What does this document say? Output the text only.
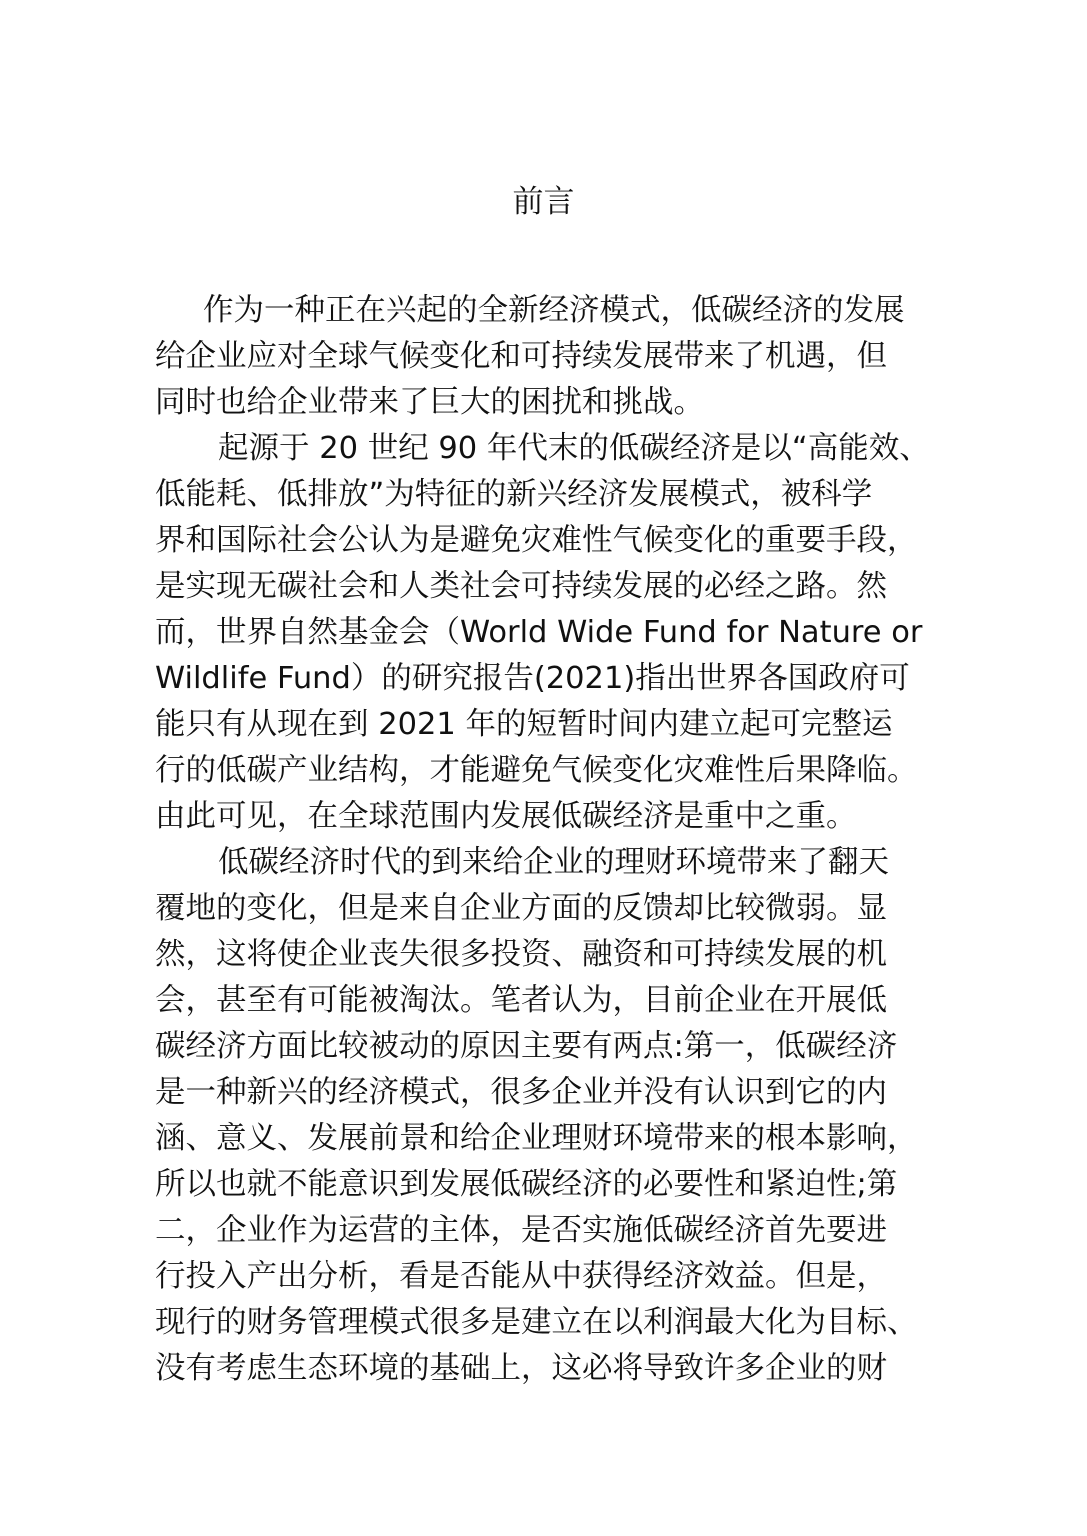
前言

作为一种正在兴起的全新经济模式，低碳经济的发展

给企业应对全球气候变化和可持续发展带来了机遇，但

同时也给企业带来了巨大的困扰和挑战。

起源于 20 世纪 90 年代末的低碳经济是以“高能效、

低能耗、低排放”为特征的新兴经济发展模式，被科学

界和国际社会公认为是避免灾难性气候变化的重要手段，

是实现无碳社会和人类社会可持续发展的必经之路。然

而，世界自然基金会（World Wide Fund for Nature or

Wildlife Fund）的研究报告(2021)指出世界各国政府可

能只有从现在到 2021 年的短暂时间内建立起可完整运

行的低碳产业结构，才能避免气候变化灾难性后果降临。

由此可见，在全球范围内发展低碳经济是重中之重。

低碳经济时代的到来给企业的理财环境带来了翻天

覆地的变化，但是来自企业方面的反馈却比较微弱。显

然，这将使企业丧失很多投资、融资和可持续发展的机

会，甚至有可能被淘汰。笔者认为，目前企业在开展低

碳经济方面比较被动的原因主要有两点:第一，低碳经济

是一种新兴的经济模式，很多企业并没有认识到它的内

涵、意义、发展前景和给企业理财环境带来的根本影响，

所以也就不能意识到发展低碳经济的必要性和紧迫性;第

二，企业作为运营的主体，是否实施低碳经济首先要进

行投入产出分析，看是否能从中获得经济效益。但是，

现行的财务管理模式很多是建立在以利润最大化为目标、

没有考虑生态环境的基础上，这必将导致许多企业的财
